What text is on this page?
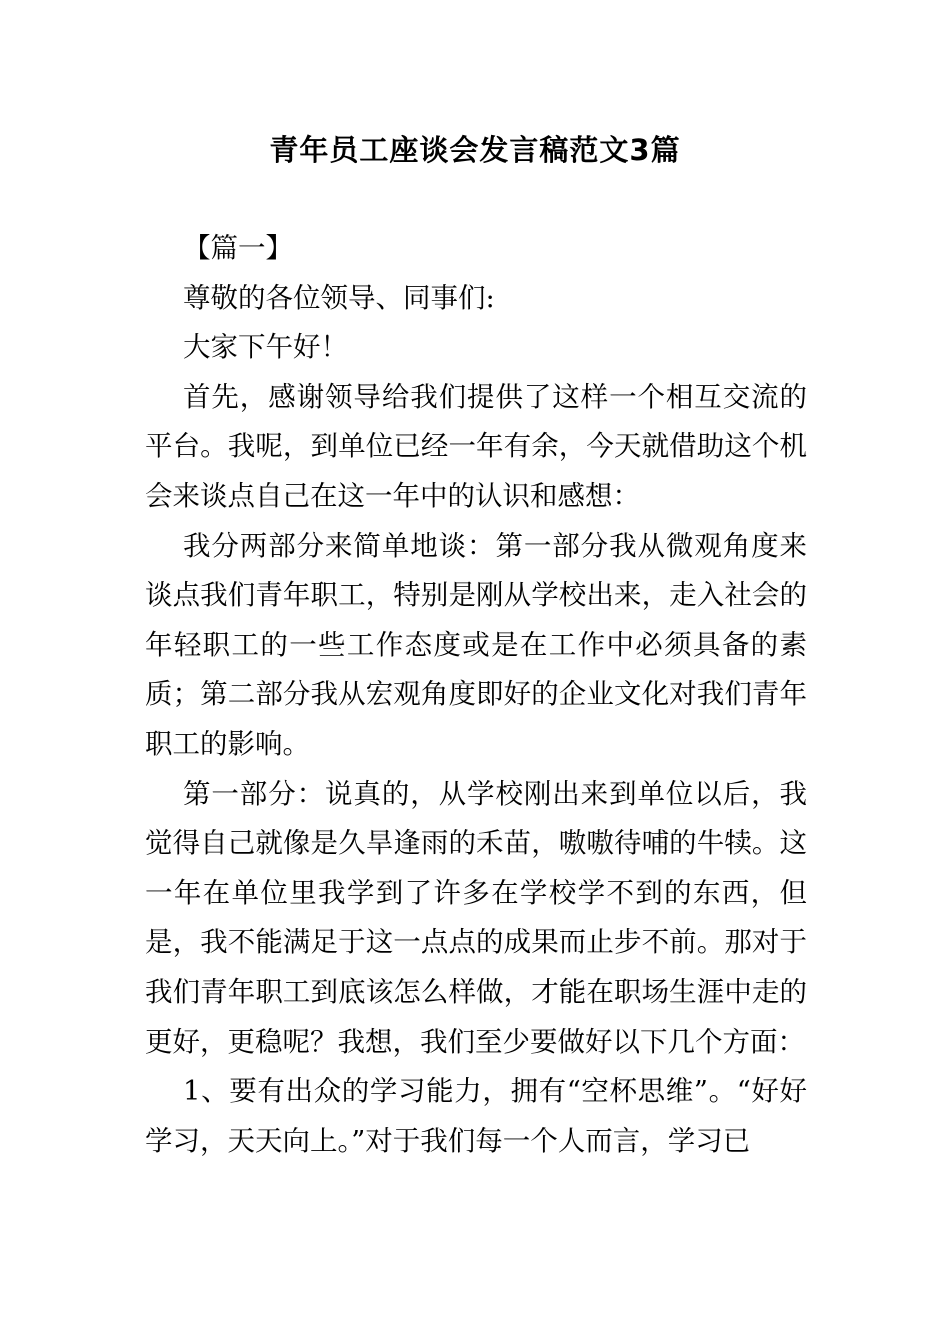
青年员工座谈会发言稿范文3篇

【篇一】

尊敬的各位领导、同事们:

大家下午好！

首先，感谢领导给我们提供了这样一个相互交流的平台。我呢，到单位已经一年有余，今天就借助这个机会来谈点自己在这一年中的认识和感想：

我分两部分来简单地谈：第一部分我从微观角度来谈点我们青年职工，特别是刚从学校出来，走入社会的年轻职工的一些工作态度或是在工作中必须具备的素质；第二部分我从宏观角度即好的企业文化对我们青年职工的影响。

第一部分：说真的，从学校刚出来到单位以后，我觉得自己就像是久旱逢雨的禾苗，嗷嗷待哺的牛犊。这一年在单位里我学到了许多在学校学不到的东西，但是，我不能满足于这一点点的成果而止步不前。那对于我们青年职工到底该怎么样做，才能在职场生涯中走的更好，更稳呢？我想，我们至少要做好以下几个方面：

1、要有出众的学习能力，拥有“空杯思维”。“好好学习，天天向上。”对于我们每一个人而言，学习已
